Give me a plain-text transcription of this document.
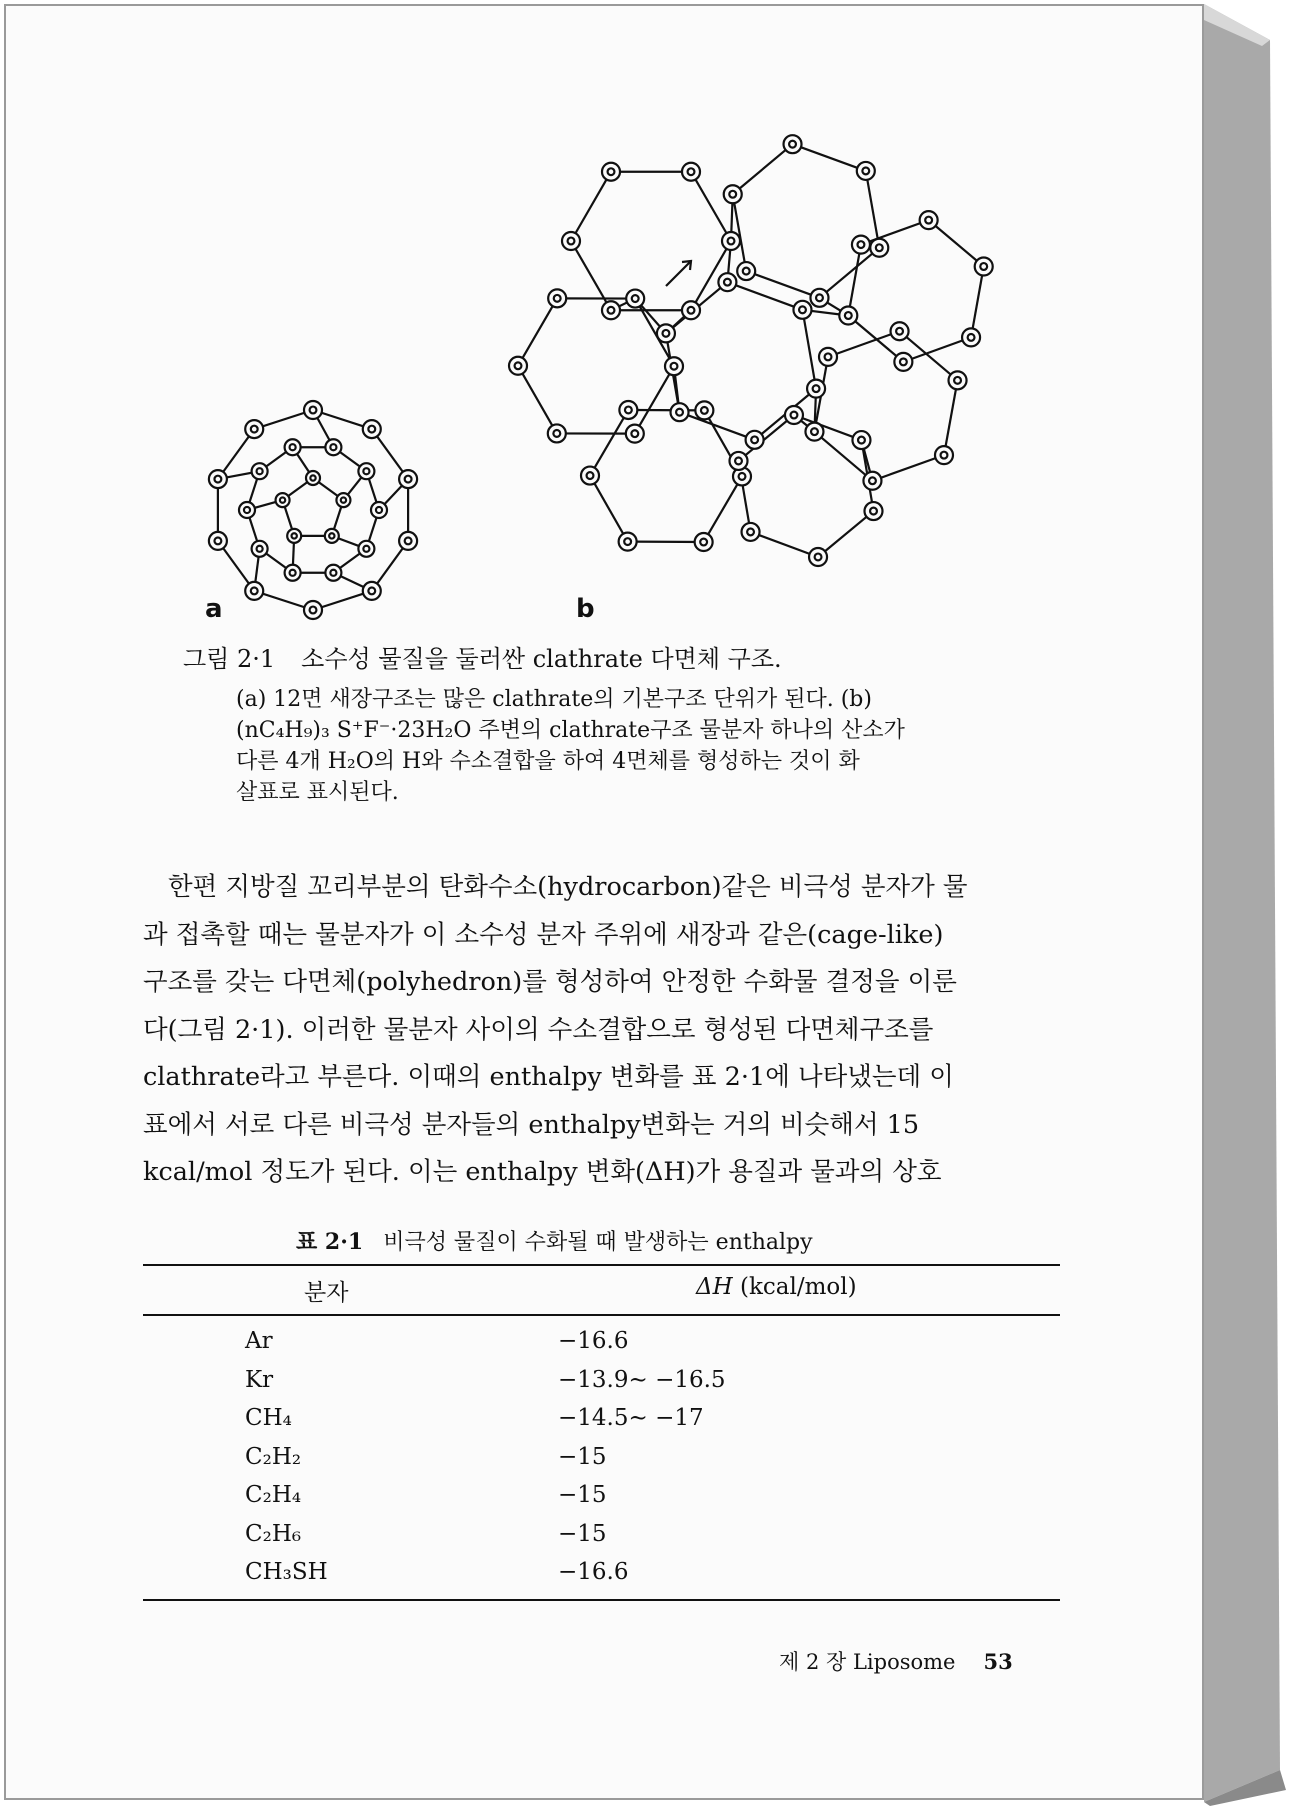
a	b

그림 2·1 소수성 물질을 둘러싼 clathrate 다면체 구조.

(a) 12면 새장구조는 많은 clathrate의 기본구조 단위가 된다. (b)

(nC₄H₉)₃ S⁺F⁻·23H₂O 주변의 clathrate구조 물분자 하나의 산소가

다른 4개 H₂O의 H와 수소결합을 하여 4면체를 형성하는 것이 화

살표로 표시된다.

한편 지방질 꼬리부분의 탄화수소(hydrocarbon)같은 비극성 분자가 물

과 접촉할 때는 물분자가 이 소수성 분자 주위에 새장과 같은(cage-like)

구조를 갖는 다면체(polyhedron)를 형성하여 안정한 수화물 결정을 이룬

다(그림 2·1). 이러한 물분자 사이의 수소결합으로 형성된 다면체구조를

clathrate라고 부른다. 이때의 enthalpy 변화를 표 2·1에 나타냈는데 이

표에서 서로 다른 비극성 분자들의 enthalpy변화는 거의 비슷해서 15

kcal/mol 정도가 된다. 이는 enthalpy 변화(ΔH)가 용질과 물과의 상호

표 2·1 비극성 물질이 수화될 때 발생하는 enthalpy
분자	ΔH (kcal/mol)
Ar	−16.6
Kr	−13.9∼ −16.5
CH₄	−14.5∼ −17
C₂H₂	−15
C₂H₄	−15
C₂H₆	−15
CH₃SH	−16.6
제 2 장 Liposome 53
